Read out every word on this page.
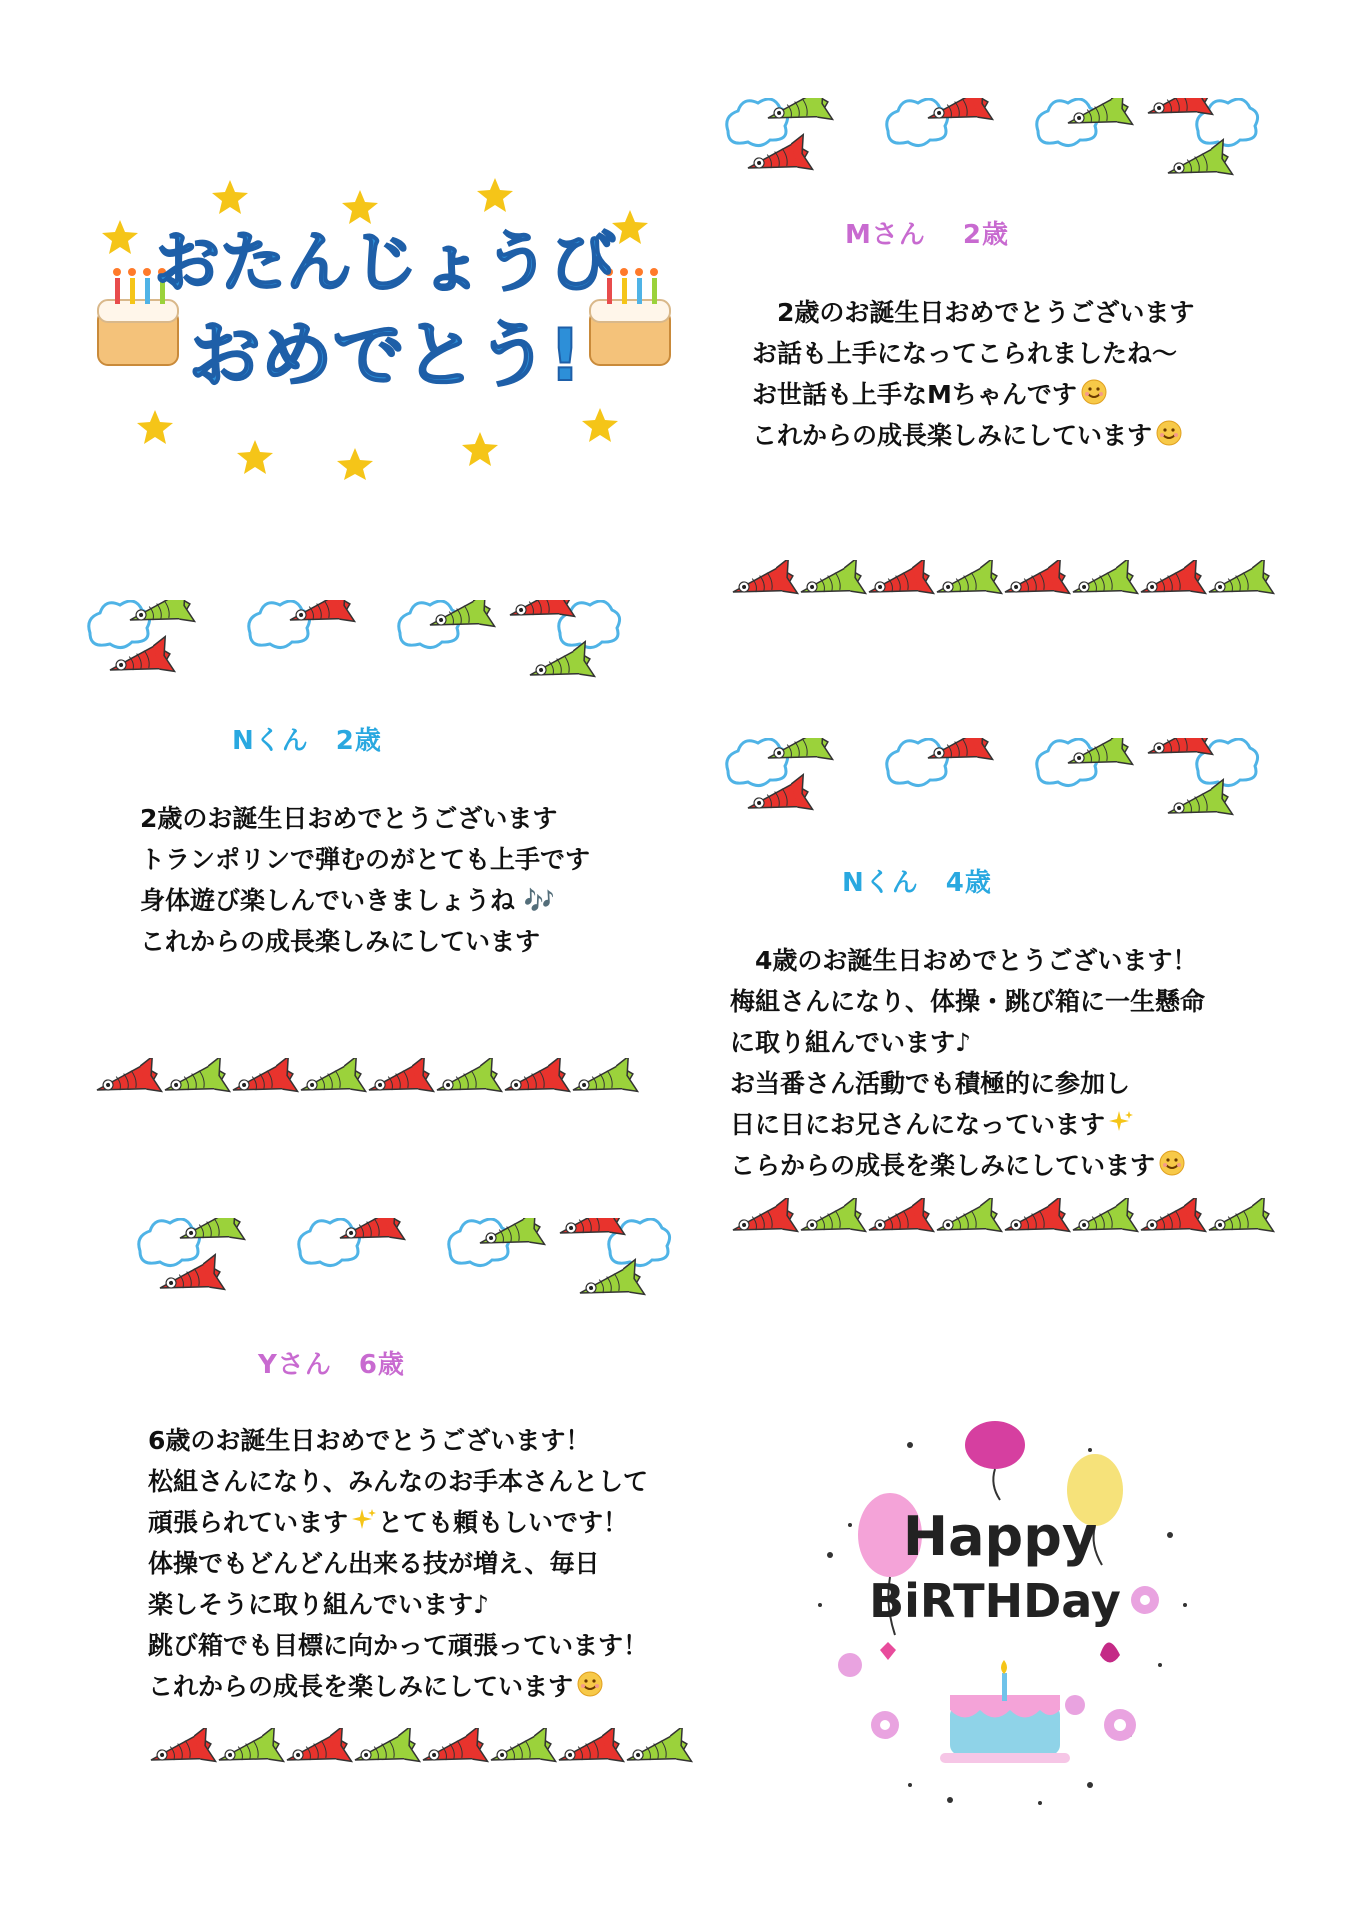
おたんじょうび
おめでとう!
Mさん　 2歳
　2歳のお誕生日おめでとうございます
お話も上手になってこられましたね～
お世話も上手なMちゃんです
これからの成長楽しみにしています
Nくん　2歳
2歳のお誕生日おめでとうございます
トランポリンで弾むのがとても上手です
身体遊び楽しんでいきましょうね 🎶
これからの成長楽しみにしています
Nくん　4歳
　4歳のお誕生日おめでとうございます！
梅組さんになり、体操・跳び箱に一生懸命
に取り組んでいます♪
お当番さん活動でも積極的に参加し
日に日にお兄さんになっています
こらからの成長を楽しみにしています
Yさん　6歳
6歳のお誕生日おめでとうございます！
松組さんになり、みんなのお手本さんとして
頑張られています とても頼もしいです！
体操でもどんどん出来る技が増え、毎日
楽しそうに取り組んでいます♪
跳び箱でも目標に向かって頑張っています！
これからの成長を楽しみにしています
Happy
BiRTHDay
